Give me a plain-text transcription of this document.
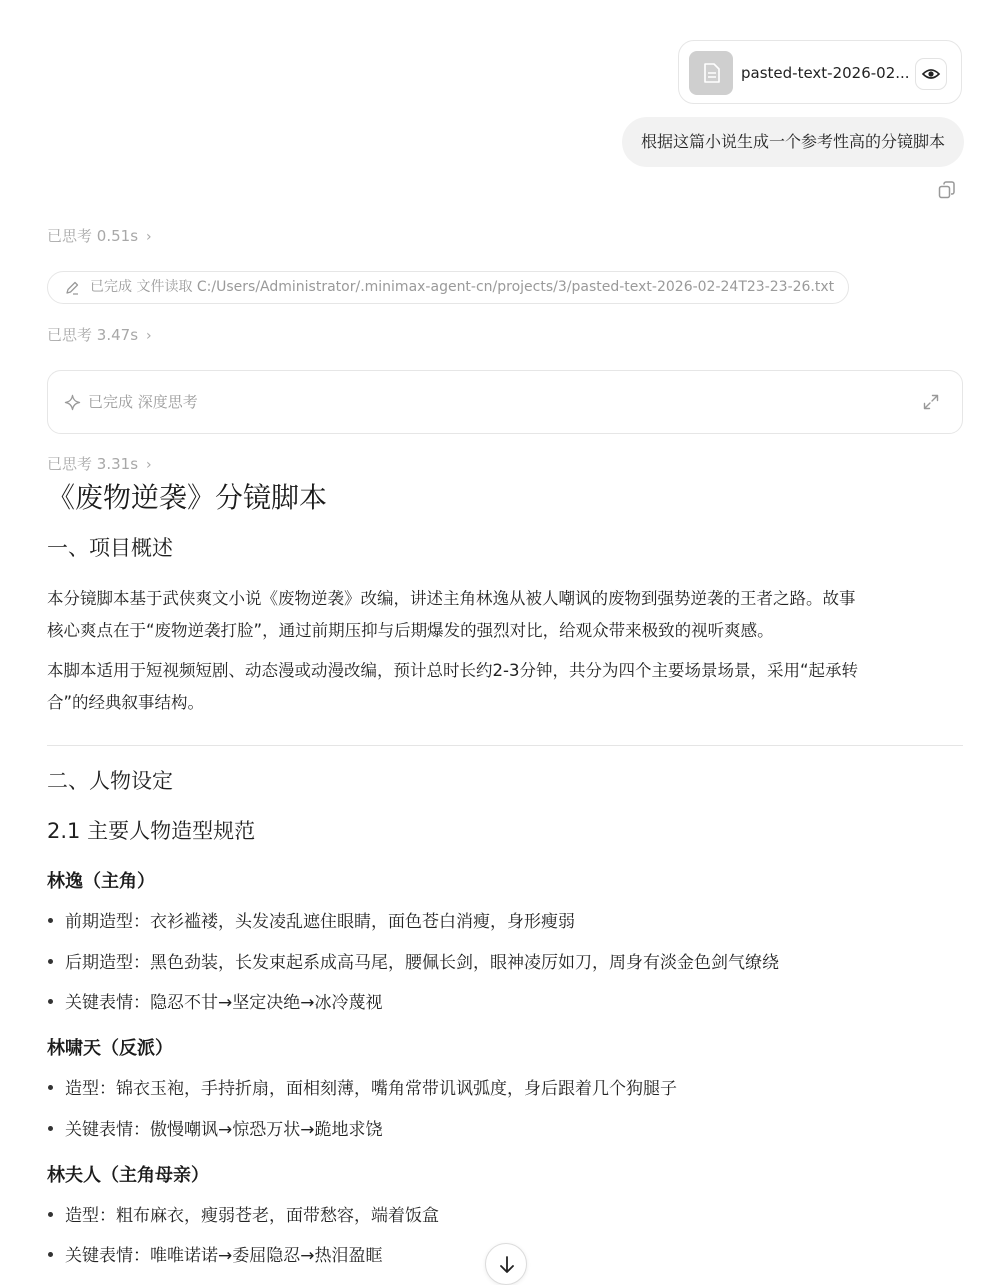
pasted-text-2026-02...
根据这篇小说生成一个参考性高的分镜脚本
已思考 0.51s ›
已完成 文件读取 C:/Users/Administrator/.minimax-agent-cn/projects/3/pasted-text-2026-02-24T23-23-26.txt
已思考 3.47s ›
已完成 深度思考
已思考 3.31s ›
《废物逆袭》分镜脚本
一、项目概述
本分镜脚本基于武侠爽文小说《废物逆袭》改编，讲述主角林逸从被人嘲讽的废物到强势逆袭的王者之路。故事
核心爽点在于“废物逆袭打脸”，通过前期压抑与后期爆发的强烈对比，给观众带来极致的视听爽感。
本脚本适用于短视频短剧、动态漫或动漫改编，预计总时长约2-3分钟，共分为四个主要场景场景，采用“起承转
合”的经典叙事结构。
二、人物设定
2.1 主要人物造型规范
林逸（主角）
前期造型：衣衫褴褛，头发凌乱遮住眼睛，面色苍白消瘦，身形瘦弱
后期造型：黑色劲装，长发束起系成高马尾，腰佩长剑，眼神凌厉如刀，周身有淡金色剑气缭绕
关键表情：隐忍不甘→坚定决绝→冰冷蔑视
林啸天（反派）
造型：锦衣玉袍，手持折扇，面相刻薄，嘴角常带讥讽弧度，身后跟着几个狗腿子
关键表情：傲慢嘲讽→惊恐万状→跪地求饶
林夫人（主角母亲）
造型：粗布麻衣，瘦弱苍老，面带愁容，端着饭盒
关键表情：唯唯诺诺→委屈隐忍→热泪盈眶
